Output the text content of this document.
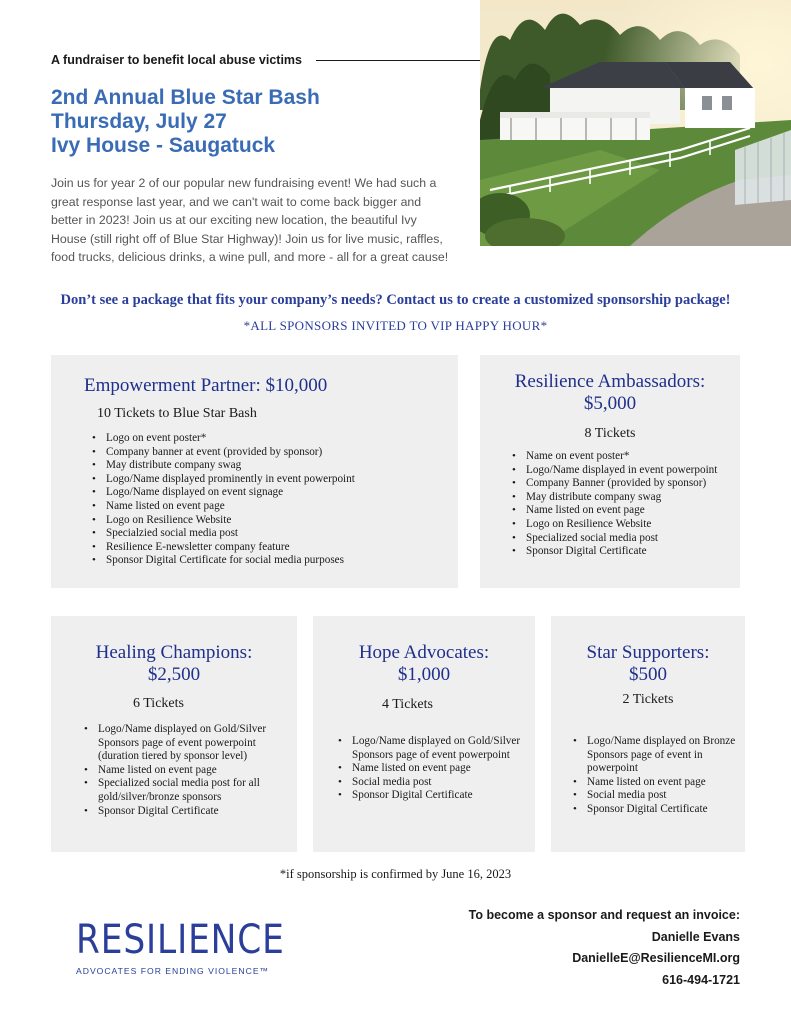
A fundraiser to benefit local abuse victims
2nd Annual Blue Star Bash
Thursday, July 27
Ivy House - Saugatuck

Join us for year 2 of our popular new fundraising event! We had such a great response last year, and we can't wait to come back bigger and better in 2023! Join us at our exciting new location, the beautiful Ivy House (still right off of Blue Star Highway)! Join us for live music, raffles, food trucks, delicious drinks, a wine pull, and more - all for a great cause!

Don’t see a package that fits your company’s needs? Contact us to create a customized sponsorship package!
*ALL SPONSORS INVITED TO VIP HAPPY HOUR*
Empowerment Partner: $10,000
10 Tickets to Blue Star Bash
• Logo on event poster*
• Company banner at event (provided by sponsor)
• May distribute company swag
• Logo/Name displayed prominently in event powerpoint
• Logo/Name displayed on event signage
• Name listed on event page
• Logo on Resilience Website
• Specialzied social media post
• Resilience E-newsletter company feature
• Sponsor Digital Certificate for social media purposes
Resilience Ambassadors:
$5,000
8 Tickets
• Name on event poster*
• Logo/Name displayed in event powerpoint
• Company Banner (provided by sponsor)
• May distribute company swag
• Name listed on event page
• Logo on Resilience Website
• Specialized social media post
• Sponsor Digital Certificate
Healing Champions:
$2,500
6 Tickets
• Logo/Name displayed on Gold/Silver Sponsors page of event powerpoint (duration tiered by sponsor level)
• Name listed on event page
• Specialized social media post for all gold/silver/bronze sponsors
• Sponsor Digital Certificate
Hope Advocates:
$1,000
4 Tickets
• Logo/Name displayed on Gold/Silver Sponsors page of event powerpoint
• Name listed on event page
• Social media post
• Sponsor Digital Certificate
Star Supporters:
$500
2 Tickets
• Logo/Name displayed on Bronze Sponsors page of event in powerpoint
• Name listed on event page
• Social media post
• Sponsor Digital Certificate
*if sponsorship is confirmed by June 16, 2023
RESILIENCE
ADVOCATES FOR ENDING VIOLENCE™
To become a sponsor and request an invoice:
Danielle Evans
DanielleE@ResilienceMI.org
616-494-1721
